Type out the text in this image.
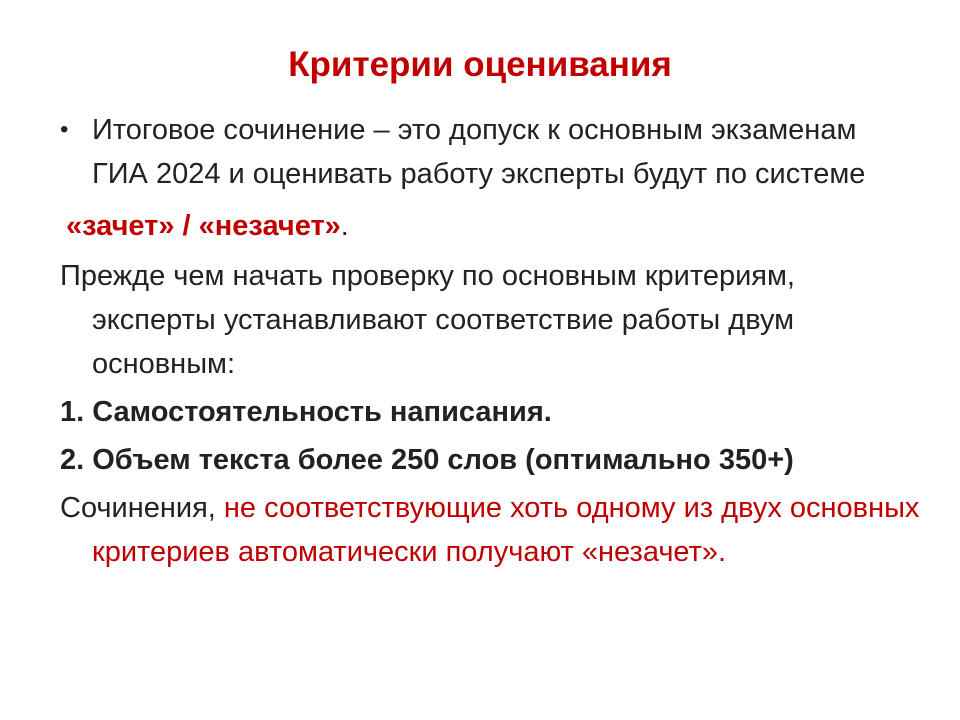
Критерии оценивания

• Итоговое сочинение – это допуск к основным экзаменам ГИА 2024 и оценивать работу эксперты будут по системе

«зачет» / «незачет».

Прежде чем начать проверку по основным критериям, эксперты устанавливают соответствие работы двум основным:

1. Самостоятельность написания.

2. Объем текста более 250 слов (оптимально 350+)

Сочинения, не соответствующие хоть одному из двух основных критериев автоматически получают «незачет».
